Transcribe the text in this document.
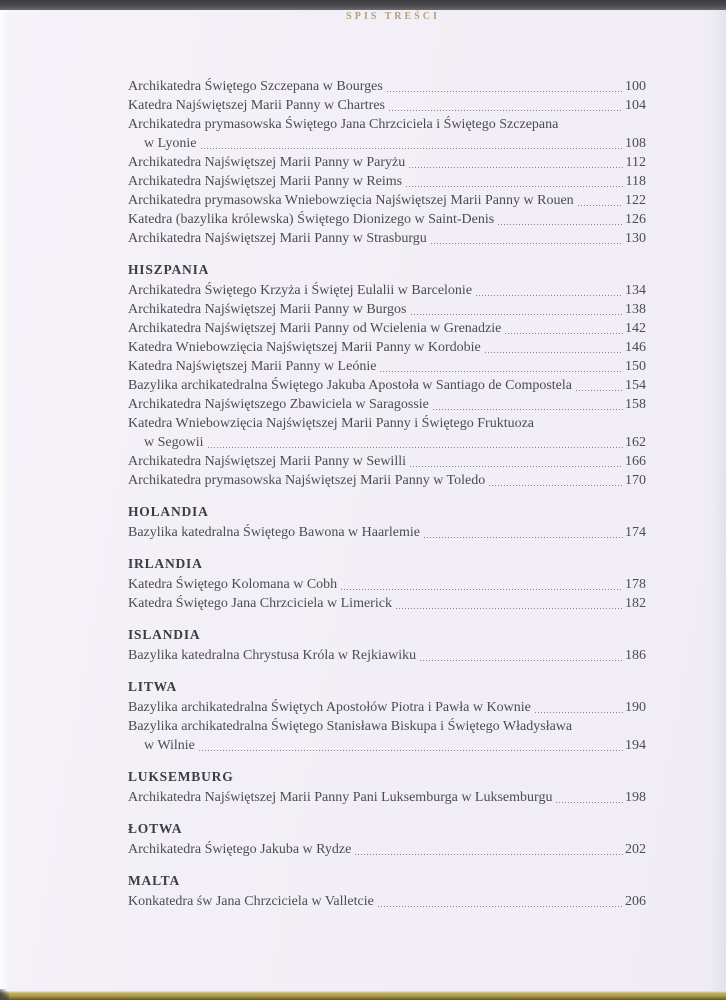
SPIS TREŚCI
Archikatedra Świętego Szczepana w Bourges	100
Katedra Najświętszej Marii Panny w Chartres	104
Archikatedra prymasowska Świętego Jana Chrzciciela i Świętego Szczepana
w Lyonie	108
Archikatedra Najświętszej Marii Panny w Paryżu	112
Archikatedra Najświętszej Marii Panny w Reims	118
Archikatedra prymasowska Wniebowzięcia Najświętszej Marii Panny w Rouen	122
Katedra (bazylika królewska) Świętego Dionizego w Saint-Denis	126
Archikatedra Najświętszej Marii Panny w Strasburgu	130
HISZPANIA
Archikatedra Świętego Krzyża i Świętej Eulalii w Barcelonie	134
Archikatedra Najświętszej Marii Panny w Burgos	138
Archikatedra Najświętszej Marii Panny od Wcielenia w Grenadzie	142
Katedra Wniebowzięcia Najświętszej Marii Panny w Kordobie	146
Katedra Najświętszej Marii Panny w Leónie	150
Bazylika archikatedralna Świętego Jakuba Apostoła w Santiago de Compostela	154
Archikatedra Najświętszego Zbawiciela w Saragossie	158
Katedra Wniebowzięcia Najświętszej Marii Panny i Świętego Fruktuoza
w Segowii	162
Archikatedra Najświętszej Marii Panny w Sewilli	166
Archikatedra prymasowska Najświętszej Marii Panny w Toledo	170
HOLANDIA
Bazylika katedralna Świętego Bawona w Haarlemie	174
IRLANDIA
Katedra Świętego Kolomana w Cobh	178
Katedra Świętego Jana Chrzciciela w Limerick	182
ISLANDIA
Bazylika katedralna Chrystusa Króla w Rejkiawiku	186
LITWA
Bazylika archikatedralna Świętych Apostołów Piotra i Pawła w Kownie	190
Bazylika archikatedralna Świętego Stanisława Biskupa i Świętego Władysława
w Wilnie	194
LUKSEMBURG
Archikatedra Najświętszej Marii Panny Pani Luksemburga w Luksemburgu	198
ŁOTWA
Archikatedra Świętego Jakuba w Rydze	202
MALTA
Konkatedra św Jana Chrzciciela w Valletcie	206
